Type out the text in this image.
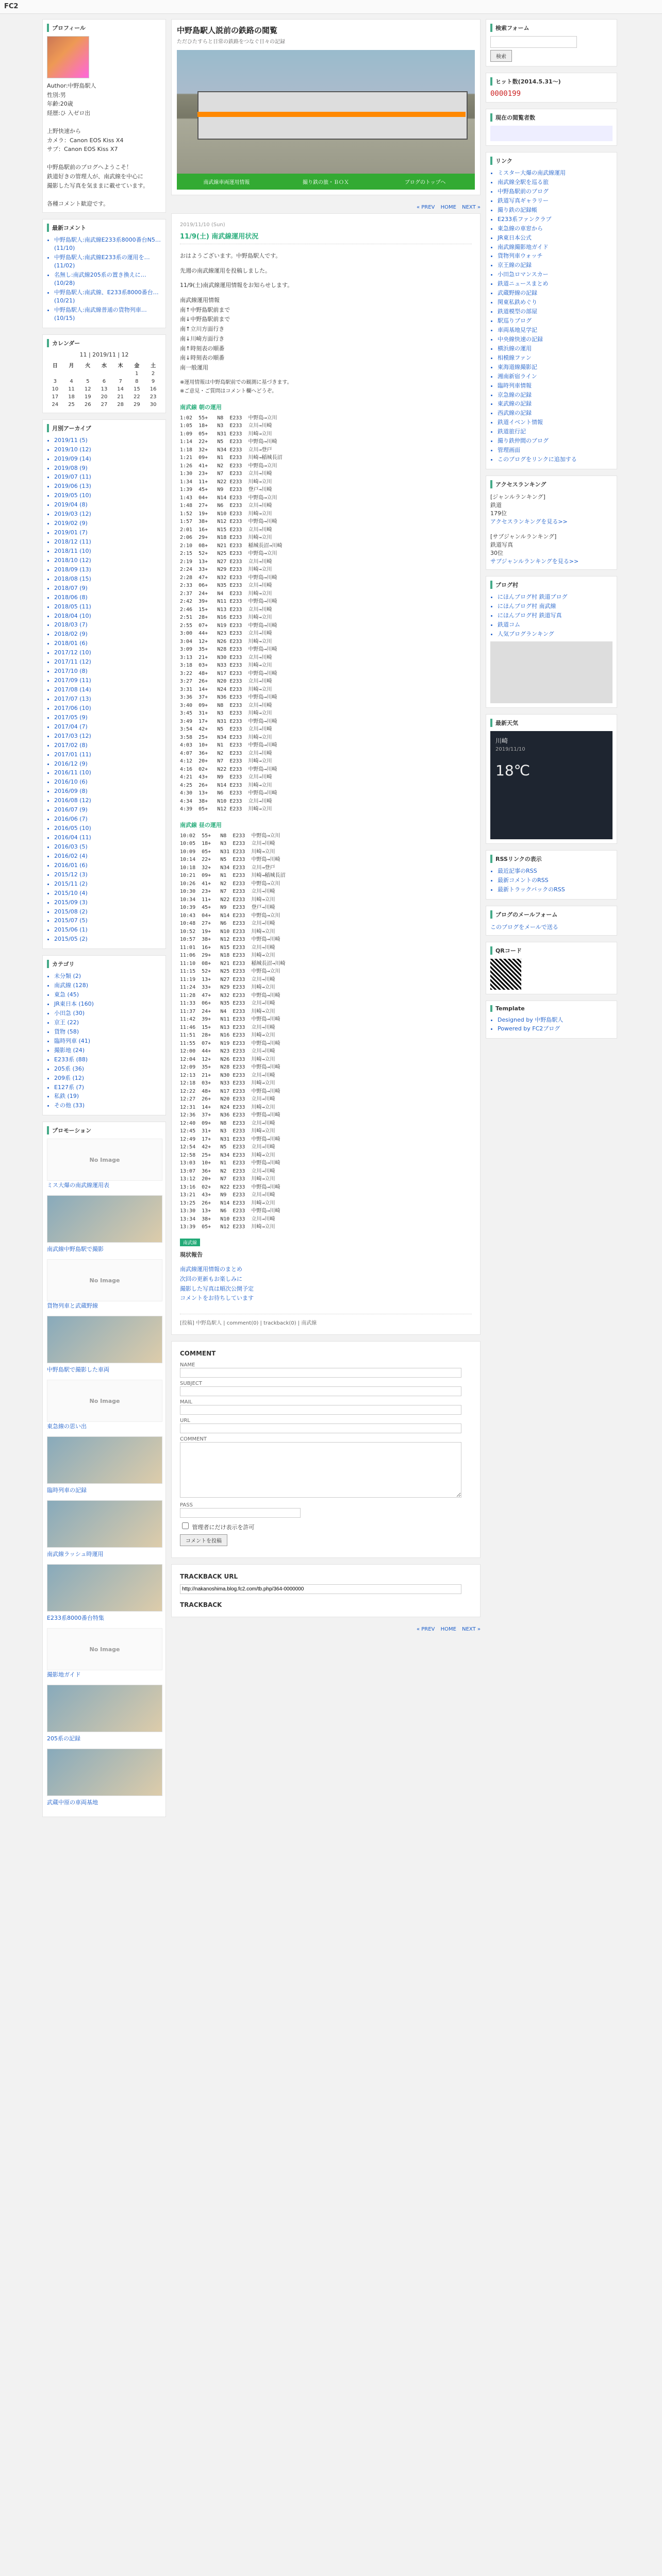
FC2
プロフィール
Author:中野島駅人
性別:男
年齢:20歳
経歴:ひ 入ゼロ出

上野快速から
カメラ：Canon EOS Kiss X4
サブ：Canon EOS Kiss X7

中野島駅前のブログへようこそ！
鉄道好きの管理人が、南武線を中心に
撮影した写真を気ままに載せています。

各種コメント歓迎です。
最新コメント
• 中野島駅人:南武線E233系8000番台N5…(11/10)
• 中野島駅人:南武線E233系の運用を…(11/02)
• 名無し:南武線205系の置き換えに…(10/28)
• 中野島駅人:南武線、E233系8000番台…(10/21)
• 中野島駅人:南武線普通の貨物列車…(10/15)
カレンダー
11 | 2019/11 | 12
日	月	火	水	木	金	土
					1	2
3	4	5	6	7	8	9
10	11	12	13	14	15	16
17	18	19	20	21	22	23
24	25	26	27	28	29	30
月別アーカイブ
• 2019/11 (5)
• 2019/10 (12)
• 2019/09 (14)
• 2019/08 (9)
• 2019/07 (11)
• 2019/06 (13)
• 2019/05 (10)
• 2019/04 (8)
• 2019/03 (12)
• 2019/02 (9)
• 2019/01 (7)
• 2018/12 (11)
• 2018/11 (10)
• 2018/10 (12)
• 2018/09 (13)
• 2018/08 (15)
• 2018/07 (9)
• 2018/06 (8)
• 2018/05 (11)
• 2018/04 (10)
• 2018/03 (7)
• 2018/02 (9)
• 2018/01 (6)
• 2017/12 (10)
• 2017/11 (12)
• 2017/10 (8)
• 2017/09 (11)
• 2017/08 (14)
• 2017/07 (13)
• 2017/06 (10)
• 2017/05 (9)
• 2017/04 (7)
• 2017/03 (12)
• 2017/02 (8)
• 2017/01 (11)
• 2016/12 (9)
• 2016/11 (10)
• 2016/10 (6)
• 2016/09 (8)
• 2016/08 (12)
• 2016/07 (9)
• 2016/06 (7)
• 2016/05 (10)
• 2016/04 (11)
• 2016/03 (5)
• 2016/02 (4)
• 2016/01 (6)
• 2015/12 (3)
• 2015/11 (2)
• 2015/10 (4)
• 2015/09 (3)
• 2015/08 (2)
• 2015/07 (5)
• 2015/06 (1)
• 2015/05 (2)
カテゴリ
• 未分類 (2)
• 南武線 (128)
• 東急 (45)
• JR東日本 (160)
• 小田急 (30)
• 京王 (22)
• 貨物 (58)
• 臨時列車 (41)
• 撮影地 (24)
• E233系 (88)
• 205系 (36)
• 209系 (12)
• E127系 (7)
• 私鉄 (19)
• その他 (33)
プロモーション
No Image
ミス大爆の南武線運用表
南武線中野島駅で撮影
No Image
貨物列車と武蔵野線
中野島駅で撮影した車両
No Image
東急線の思い出
臨時列車の記録
南武線ラッシュ時運用
E233系8000番台特集
No Image
撮影地ガイド
205系の記録
武蔵中原の車両基地
中野島駅人説前の鉄路の閲覧
ただひたすらと日常の鉄路をつなぐ日々の記録
南武線車両運用情報	撮り鉄の旅・ＢＯＸ	ブログのトップへ
« PREV HOME NEXT »
2019/11/10 (Sun)
11/9(土) 南武線運用状況

おはようございます。中野島駅人です。

先週の南武線運用を投稿しました。

11/9(土)南武線運用情報をお知らせします。

南武線運用情報
南↑中野島駅前まで
南↓中野島駅前まで
南↑立川方面行き
南↓川崎方面行き
南↑時刻表の順番
南↓時刻表の順番
南一般運用

※運用情報は中野島駅前での観測に基づきます。
※ご意見・ご質問はコメント欄へどうぞ。

南武線 朝の運用
1:02  55+   N8  E233  中野島→立川
1:05  18+   N3  E233  立川→川崎
1:09  05+   N31 E233  川崎→立川
1:14  22+   N5  E233  中野島→川崎
1:18  32+   N34 E233  立川→登戸
1:21  09+   N1  E233  川崎→稲城長沼
1:26  41+   N2  E233  中野島→立川
1:30  23+   N7  E233  立川→川崎
1:34  11+   N22 E233  川崎→立川
1:39  45+   N9  E233  登戸→川崎
1:43  04+   N14 E233  中野島→立川
1:48  27+   N6  E233  立川→川崎
1:52  19+   N10 E233  川崎→立川
1:57  38+   N12 E233  中野島→川崎
2:01  16+   N15 E233  立川→川崎
2:06  29+   N18 E233  川崎→立川
2:10  08+   N21 E233  稲城長沼→川崎
2:15  52+   N25 E233  中野島→立川
2:19  13+   N27 E233  立川→川崎
2:24  33+   N29 E233  川崎→立川
2:28  47+   N32 E233  中野島→川崎
2:33  06+   N35 E233  立川→川崎
2:37  24+   N4  E233  川崎→立川
2:42  39+   N11 E233  中野島→川崎
2:46  15+   N13 E233  立川→川崎
2:51  28+   N16 E233  川崎→立川
2:55  07+   N19 E233  中野島→川崎
3:00  44+   N23 E233  立川→川崎
3:04  12+   N26 E233  川崎→立川
3:09  35+   N28 E233  中野島→川崎
3:13  21+   N30 E233  立川→川崎
3:18  03+   N33 E233  川崎→立川
3:22  48+   N17 E233  中野島→川崎
3:27  26+   N20 E233  立川→川崎
3:31  14+   N24 E233  川崎→立川
3:36  37+   N36 E233  中野島→川崎
3:40  09+   N8  E233  立川→川崎
3:45  31+   N3  E233  川崎→立川
3:49  17+   N31 E233  中野島→川崎
3:54  42+   N5  E233  立川→川崎
3:58  25+   N34 E233  川崎→立川
4:03  10+   N1  E233  中野島→川崎
4:07  36+   N2  E233  立川→川崎
4:12  20+   N7  E233  川崎→立川
4:16  02+   N22 E233  中野島→川崎
4:21  43+   N9  E233  立川→川崎
4:25  26+   N14 E233  川崎→立川
4:30  13+   N6  E233  中野島→川崎
4:34  38+   N10 E233  立川→川崎
4:39  05+   N12 E233  川崎→立川
南武線 昼の運用
10:02  55+   N8  E233  中野島→立川
10:05  18+   N3  E233  立川→川崎
10:09  05+   N31 E233  川崎→立川
10:14  22+   N5  E233  中野島→川崎
10:18  32+   N34 E233  立川→登戸
10:21  09+   N1  E233  川崎→稲城長沼
10:26  41+   N2  E233  中野島→立川
10:30  23+   N7  E233  立川→川崎
10:34  11+   N22 E233  川崎→立川
10:39  45+   N9  E233  登戸→川崎
10:43  04+   N14 E233  中野島→立川
10:48  27+   N6  E233  立川→川崎
10:52  19+   N10 E233  川崎→立川
10:57  38+   N12 E233  中野島→川崎
11:01  16+   N15 E233  立川→川崎
11:06  29+   N18 E233  川崎→立川
11:10  08+   N21 E233  稲城長沼→川崎
11:15  52+   N25 E233  中野島→立川
11:19  13+   N27 E233  立川→川崎
11:24  33+   N29 E233  川崎→立川
11:28  47+   N32 E233  中野島→川崎
11:33  06+   N35 E233  立川→川崎
11:37  24+   N4  E233  川崎→立川
11:42  39+   N11 E233  中野島→川崎
11:46  15+   N13 E233  立川→川崎
11:51  28+   N16 E233  川崎→立川
11:55  07+   N19 E233  中野島→川崎
12:00  44+   N23 E233  立川→川崎
12:04  12+   N26 E233  川崎→立川
12:09  35+   N28 E233  中野島→川崎
12:13  21+   N30 E233  立川→川崎
12:18  03+   N33 E233  川崎→立川
12:22  48+   N17 E233  中野島→川崎
12:27  26+   N20 E233  立川→川崎
12:31  14+   N24 E233  川崎→立川
12:36  37+   N36 E233  中野島→川崎
12:40  09+   N8  E233  立川→川崎
12:45  31+   N3  E233  川崎→立川
12:49  17+   N31 E233  中野島→川崎
12:54  42+   N5  E233  立川→川崎
12:58  25+   N34 E233  川崎→立川
13:03  10+   N1  E233  中野島→川崎
13:07  36+   N2  E233  立川→川崎
13:12  20+   N7  E233  川崎→立川
13:16  02+   N22 E233  中野島→川崎
13:21  43+   N9  E233  立川→川崎
13:25  26+   N14 E233  川崎→立川
13:30  13+   N6  E233  中野島→川崎
13:34  38+   N10 E233  立川→川崎
13:39  05+   N12 E233  川崎→立川
南武線

現状報告

南武線運用情報のまとめ
次回の更新もお楽しみに
撮影した写真は順次公開予定
コメントをお待ちしています

[投稿] 中野島駅人 | comment(0) | trackback(0) | 南武線
COMMENT
NAME
SUBJECT
MAIL
URL
COMMENT
PASS
管理者にだけ表示を許可
コメントを投稿
TRACKBACK URL
http://nakanoshima.blog.fc2.com/tb.php/364-0000000
TRACKBACK
« PREV HOME NEXT »
検索フォーム

検索
ヒット数(2014.5.31〜)
0000199
現在の閲覧者数
リンク
• ミスター大爆の南武線運用
• 南武線全駅を巡る旅
• 中野島駅前のブログ
• 鉄道写真ギャラリー
• 撮り鉄の記録帳
• E233系ファンクラブ
• 東急線の車窓から
• JR東日本公式
• 南武線撮影地ガイド
• 貨物列車ウォッチ
• 京王線の記録
• 小田急ロマンスカー
• 鉄道ニュースまとめ
• 武蔵野線の記録
• 関東私鉄めぐり
• 鉄道模型の部屋
• 駅巡りブログ
• 車両基地見学記
• 中央線快速の記録
• 横浜線の運用
• 相模線ファン
• 東海道線撮影記
• 湘南新宿ライン
• 臨時列車情報
• 京急線の記録
• 東武線の記録
• 西武線の記録
• 鉄道イベント情報
• 鉄道旅行記
• 撮り鉄仲間のブログ
• 管理画面
• このブログをリンクに追加する
アクセスランキング
[ジャンルランキング]
鉄道
179位
アクセスランキングを見る>>

[サブジャンルランキング]
鉄道写真
30位
サブジャンルランキングを見る>>
ブログ村
• にほんブログ村 鉄道ブログ
• にほんブログ村 南武線
• にほんブログ村 鉄道写真
• 鉄道コム
• 人気ブログランキング
最新天気
川崎
2019/11/10
18℃
RSSリンクの表示
• 最近記事のRSS
• 最新コメントのRSS
• 最新トラックバックのRSS
ブログのメールフォーム
このブログをメールで送る
QRコード
Template
• Designed by 中野島駅人
• Powered by FC2ブログ
